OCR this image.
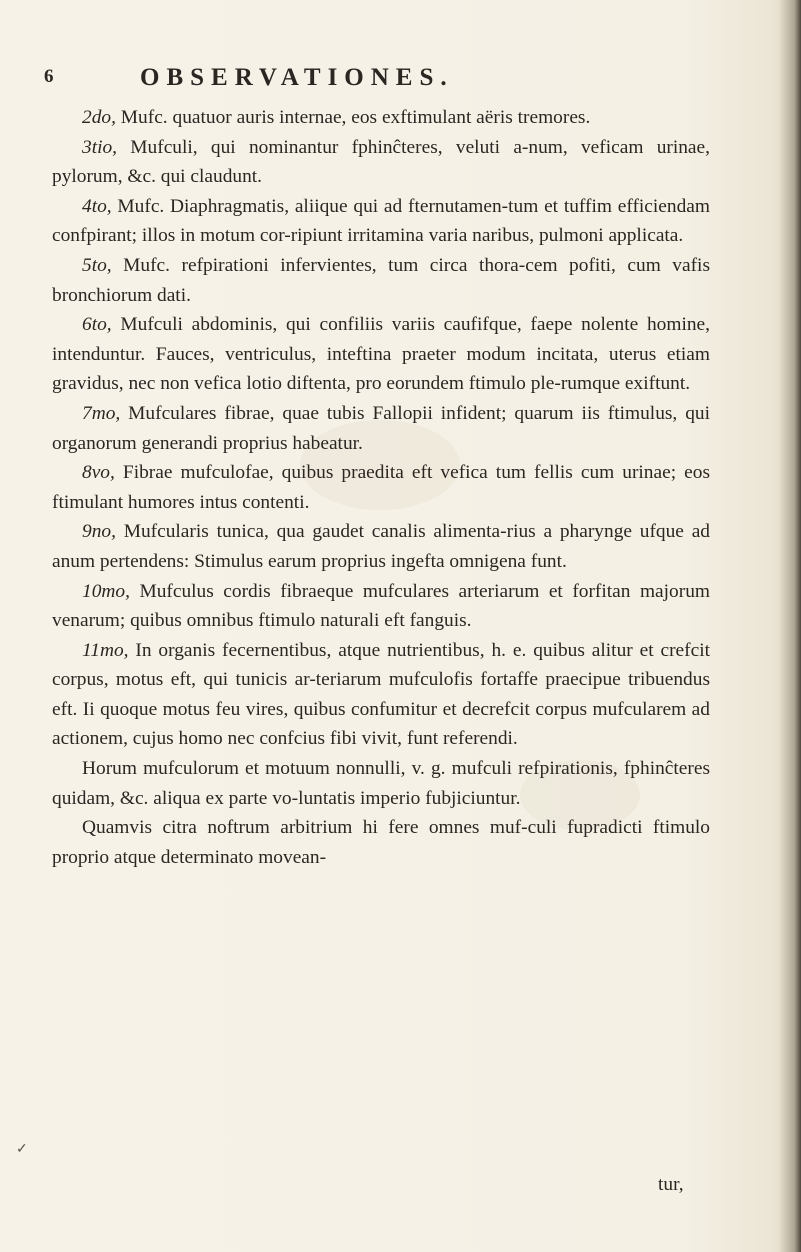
6	OBSERVATIONES.

2do, Mufc. quatuor auris internae, eos exftimulant aëris tremores.

3tio, Mufculi, qui nominantur fphinĉteres, veluti a-num, veficam urinae, pylorum, &c. qui claudunt.

4to, Mufc. Diaphragmatis, aliique qui ad fternutamen-tum et tuffim efficiendam confpirant; illos in motum cor-ripiunt irritamina varia naribus, pulmoni applicata.

5to, Mufc. refpirationi infervientes, tum circa thora-cem pofiti, cum vafis bronchiorum dati.

6to, Mufculi abdominis, qui confiliis variis caufifque, faepe nolente homine, intenduntur. Fauces, ventriculus, inteftina praeter modum incitata, uterus etiam gravidus, nec non vefica lotio diftenta, pro eorundem ftimulo ple-rumque exiftunt.

7mo, Mufculares fibrae, quae tubis Fallopii infident; quarum iis ftimulus, qui organorum generandi proprius habeatur.

8vo, Fibrae mufculofae, quibus praedita eft vefica tum fellis cum urinae; eos ftimulant humores intus contenti.

9no, Mufcularis tunica, qua gaudet canalis alimenta-rius a pharynge ufque ad anum pertendens: Stimulus earum proprius ingefta omnigena funt.

10mo, Mufculus cordis fibraeque mufculares arteriarum et forfitan majorum venarum; quibus omnibus ftimulo naturali eft fanguis.

11mo, In organis fecernentibus, atque nutrientibus, h. e. quibus alitur et crefcit corpus, motus eft, qui tunicis ar-teriarum mufculofis fortaffe praecipue tribuendus eft. Ii quoque motus feu vires, quibus confumitur et decrefcit corpus mufcularem ad actionem, cujus homo nec confcius fibi vivit, funt referendi.

Horum mufculorum et motuum nonnulli, v. g. mufculi refpirationis, fphinĉteres quidam, &c. aliqua ex parte vo-luntatis imperio fubjiciuntur.

Quamvis citra noftrum arbitrium hi fere omnes muf-culi fupradicti ftimulo proprio atque determinato movean-

tur,
✓
